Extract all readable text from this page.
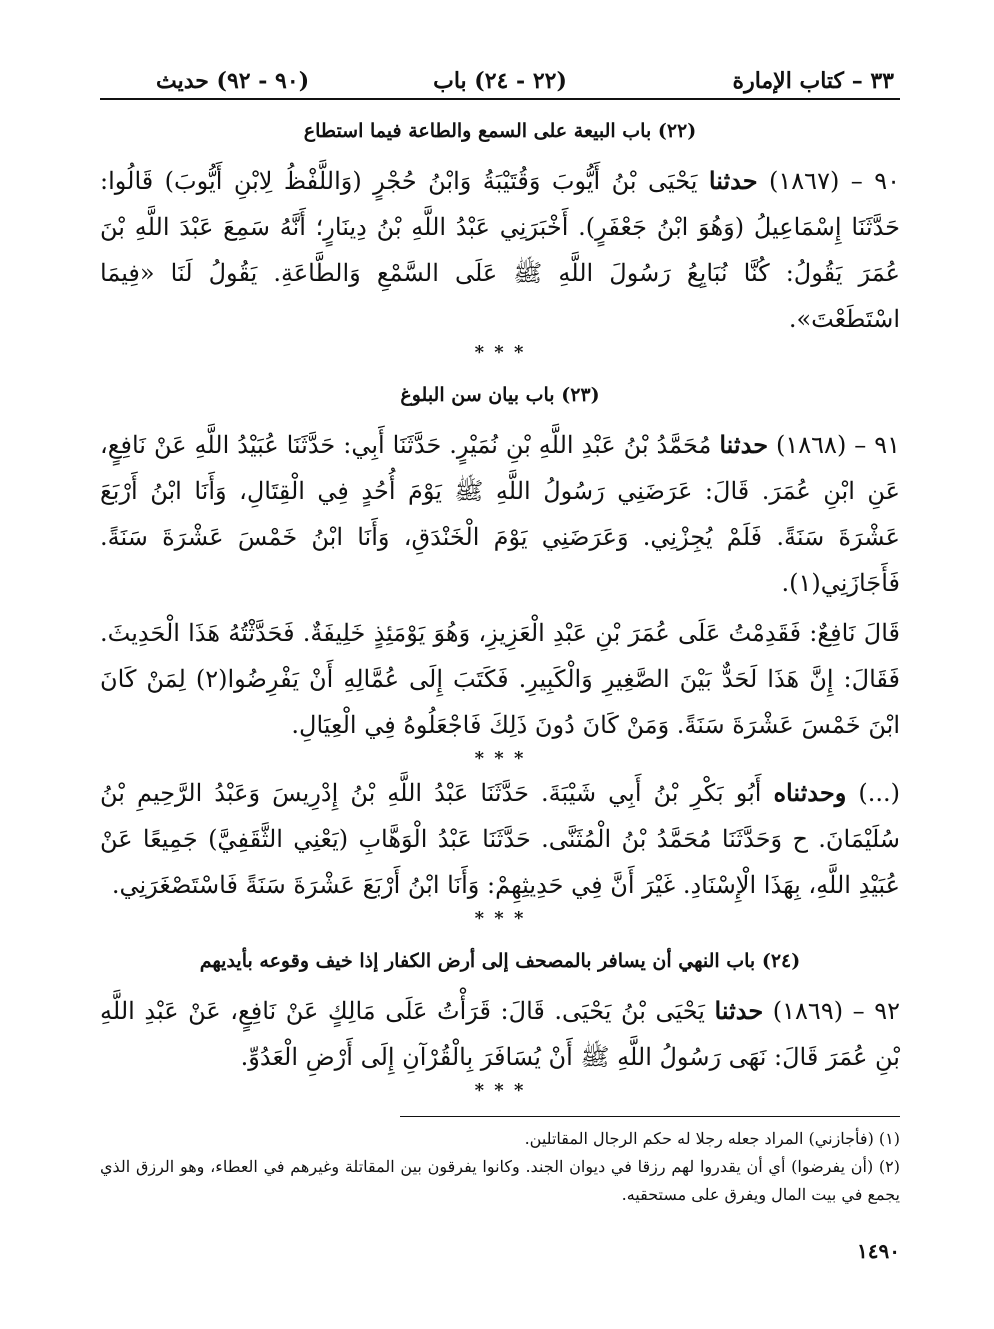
٣٣ – كتاب الإمارة
(٢٢ - ٢٤) باب
(٩٠ - ٩٢) حديث
(٢٢) باب البيعة على السمع والطاعة فيما استطاع

٩٠ – (١٨٦٧) حدثنا يَحْيَى بْنُ أَيُّوبَ وَقُتَيْبَةُ وَابْنُ حُجْرٍ (وَاللَّفْظُ لِابْنِ أَيُّوبَ) قَالُوا: حَدَّثَنَا إِسْمَاعِيلُ (وَهُوَ ابْنُ جَعْفَرٍ). أَخْبَرَنِي عَبْدُ اللَّهِ بْنُ دِينَارٍ؛ أَنَّهُ سَمِعَ عَبْدَ اللَّهِ بْنَ عُمَرَ يَقُولُ: كُنَّا نُبَايِعُ رَسُولَ اللَّهِ ﷺ عَلَى السَّمْعِ وَالطَّاعَةِ. يَقُولُ لَنَا «فِيمَا اسْتَطَعْتَ».

* * *
(٢٣) باب بيان سن البلوغ

٩١ – (١٨٦٨) حدثنا مُحَمَّدُ بْنُ عَبْدِ اللَّهِ بْنِ نُمَيْرٍ. حَدَّثَنَا أَبِي: حَدَّثَنَا عُبَيْدُ اللَّهِ عَنْ نَافِعٍ، عَنِ ابْنِ عُمَرَ. قَالَ: عَرَضَنِي رَسُولُ اللَّهِ ﷺ يَوْمَ أُحُدٍ فِي الْقِتَالِ، وَأَنَا ابْنُ أَرْبَعَ عَشْرَةَ سَنَةً. فَلَمْ يُجِزْنِي. وَعَرَضَنِي يَوْمَ الْخَنْدَقِ، وَأَنَا ابْنُ خَمْسَ عَشْرَةَ سَنَةً. فَأَجَازَنِي(١).

قَالَ نَافِعٌ: فَقَدِمْتُ عَلَى عُمَرَ بْنِ عَبْدِ الْعَزِيزِ، وَهُوَ يَوْمَئِذٍ خَلِيفَةٌ. فَحَدَّثْتُهُ هَذَا الْحَدِيثَ. فَقَالَ: إِنَّ هَذَا لَحَدٌّ بَيْنَ الصَّغِيرِ وَالْكَبِيرِ. فَكَتَبَ إِلَى عُمَّالِهِ أَنْ يَفْرِضُوا(٢) لِمَنْ كَانَ ابْنَ خَمْسَ عَشْرَةَ سَنَةً. وَمَنْ كَانَ دُونَ ذَلِكَ فَاجْعَلُوهُ فِي الْعِيَالِ.

* * *

(...) وحدثناه أَبُو بَكْرِ بْنُ أَبِي شَيْبَةَ. حَدَّثَنَا عَبْدُ اللَّهِ بْنُ إِدْرِيسَ وَعَبْدُ الرَّحِيمِ بْنُ سُلَيْمَانَ. ح وَحَدَّثَنَا مُحَمَّدُ بْنُ الْمُثَنَّى. حَدَّثَنَا عَبْدُ الْوَهَّابِ (يَعْنِي الثَّقَفِيَّ) جَمِيعًا عَنْ عُبَيْدِ اللَّهِ، بِهَذَا الْإِسْنَادِ. غَيْرَ أَنَّ فِي حَدِيثِهِمْ: وَأَنَا ابْنُ أَرْبَعَ عَشْرَةَ سَنَةً فَاسْتَصْغَرَنِي.

* * *
(٢٤) باب النهي أن يسافر بالمصحف إلى أرض الكفار إذا خيف وقوعه بأيديهم

٩٢ – (١٨٦٩) حدثنا يَحْيَى بْنُ يَحْيَى. قَالَ: قَرَأْتُ عَلَى مَالِكٍ عَنْ نَافِعٍ، عَنْ عَبْدِ اللَّهِ بْنِ عُمَرَ قَالَ: نَهَى رَسُولُ اللَّهِ ﷺ أَنْ يُسَافَرَ بِالْقُرْآنِ إِلَى أَرْضِ الْعَدُوِّ.

* * *

(١) (فأجازني) المراد جعله رجلا له حكم الرجال المقاتلين.

(٢) (أن يفرضوا) أي أن يقدروا لهم رزقا في ديوان الجند. وكانوا يفرقون بين المقاتلة وغيرهم في العطاء، وهو الرزق الذي يجمع في بيت المال ويفرق على مستحقيه.

١٤٩٠
